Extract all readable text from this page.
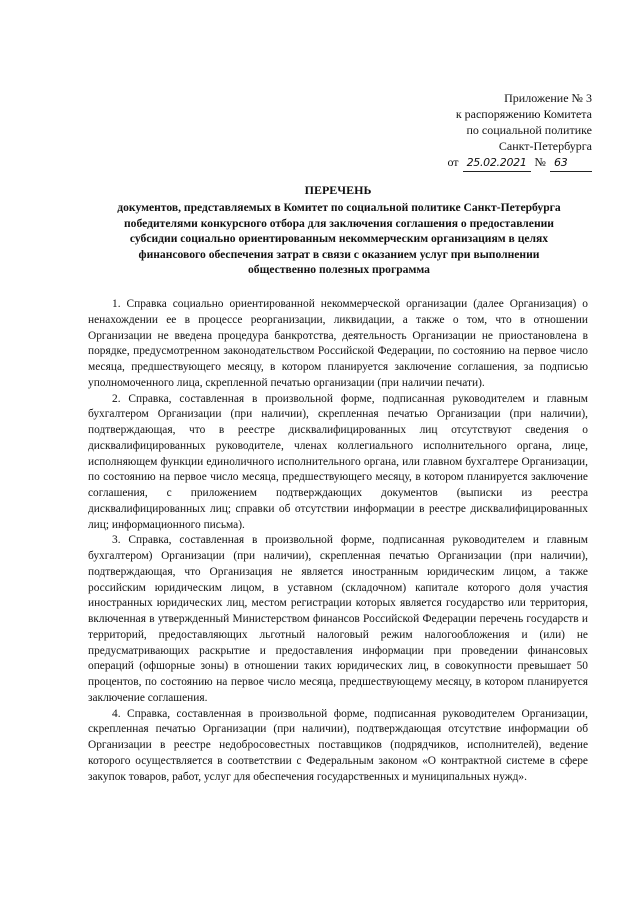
Приложение № 3
к распоряжению Комитета
по социальной политике
Санкт-Петербурга
от 25.02.2021 № 63
ПЕРЕЧЕНЬ
документов, представляемых в Комитет по социальной политике Санкт-Петербурга победителями конкурсного отбора для заключения соглашения о предоставлении субсидии социально ориентированным некоммерческим организациям в целях финансового обеспечения затрат в связи с оказанием услуг при выполнении общественно полезных программа

1. Справка социально ориентированной некоммерческой организации (далее Организация) о ненахождении ее в процессе реорганизации, ликвидации, а также о том, что в отношении Организации не введена процедура банкротства, деятельность Организации не приостановлена в порядке, предусмотренном законодательством Российской Федерации, по состоянию на первое число месяца, предшествующего месяцу, в котором планируется заключение соглашения, за подписью уполномоченного лица, скрепленной печатью организации (при наличии печати).

2. Справка, составленная в произвольной форме, подписанная руководителем и главным бухгалтером Организации (при наличии), скрепленная печатью Организации (при наличии), подтверждающая, что в реестре дисквалифицированных лиц отсутствуют сведения о дисквалифицированных руководителе, членах коллегиального исполнительного органа, лице, исполняющем функции единоличного исполнительного органа, или главном бухгалтере Организации, по состоянию на первое число месяца, предшествующего месяцу, в котором планируется заключение соглашения, с приложением подтверждающих документов (выписки из реестра дисквалифицированных лиц; справки об отсутствии информации в реестре дисквалифицированных лиц; информационного письма).

3. Справка, составленная в произвольной форме, подписанная руководителем и главным бухгалтером) Организации (при наличии), скрепленная печатью Организации (при наличии), подтверждающая, что Организация не является иностранным юридическим лицом, а также российским юридическим лицом, в уставном (складочном) капитале которого доля участия иностранных юридических лиц, местом регистрации которых является государство или территория, включенная в утвержденный Министерством финансов Российской Федерации перечень государств и территорий, предоставляющих льготный налоговый режим налогообложения и (или) не предусматривающих раскрытие и предоставления информации при проведении финансовых операций (офшорные зоны) в отношении таких юридических лиц, в совокупности превышает 50 процентов, по состоянию на первое число месяца, предшествующему месяцу, в котором планируется заключение соглашения.

4. Справка, составленная в произвольной форме, подписанная руководителем Организации, скрепленная печатью Организации (при наличии), подтверждающая отсутствие информации об Организации в реестре недобросовестных поставщиков (подрядчиков, исполнителей), ведение которого осуществляется в соответствии с Федеральным законом «О контрактной системе в сфере закупок товаров, работ, услуг для обеспечения государственных и муниципальных нужд».
